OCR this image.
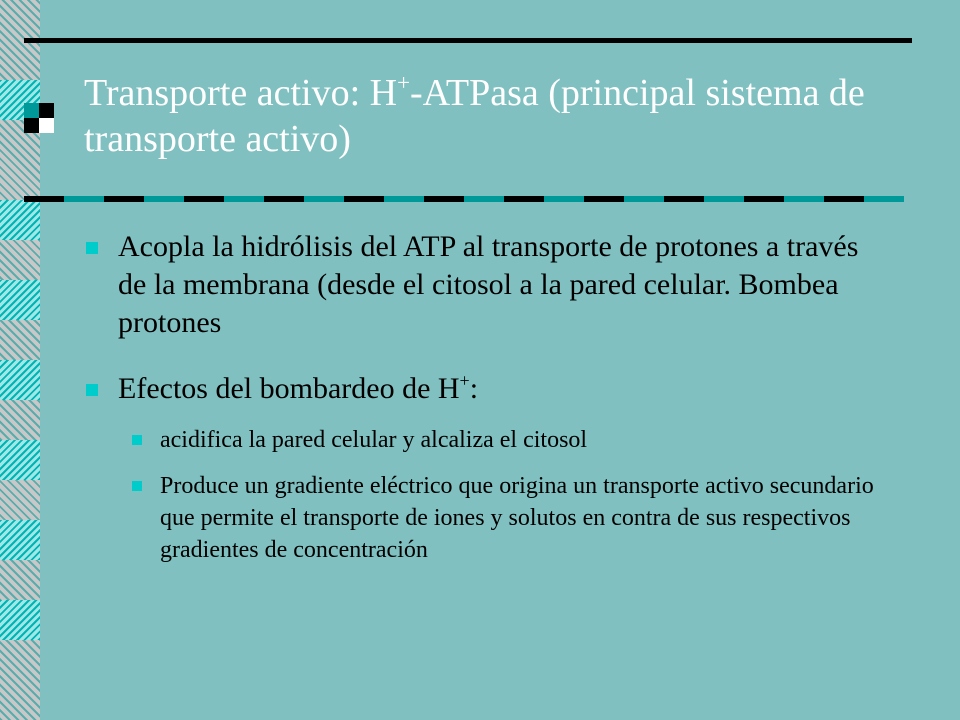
Transporte activo: H+-ATPasa (principal sistema de transporte activo)
Acopla la hidrólisis del ATP al transporte de protones a través de la membrana (desde el citosol a la pared celular. Bombea protones
Efectos del bombardeo de H+:
acidifica la pared celular y alcaliza el citosol
Produce un gradiente eléctrico que origina un transporte activo secundario que permite el transporte de iones y solutos en contra de sus respectivos gradientes de concentración
